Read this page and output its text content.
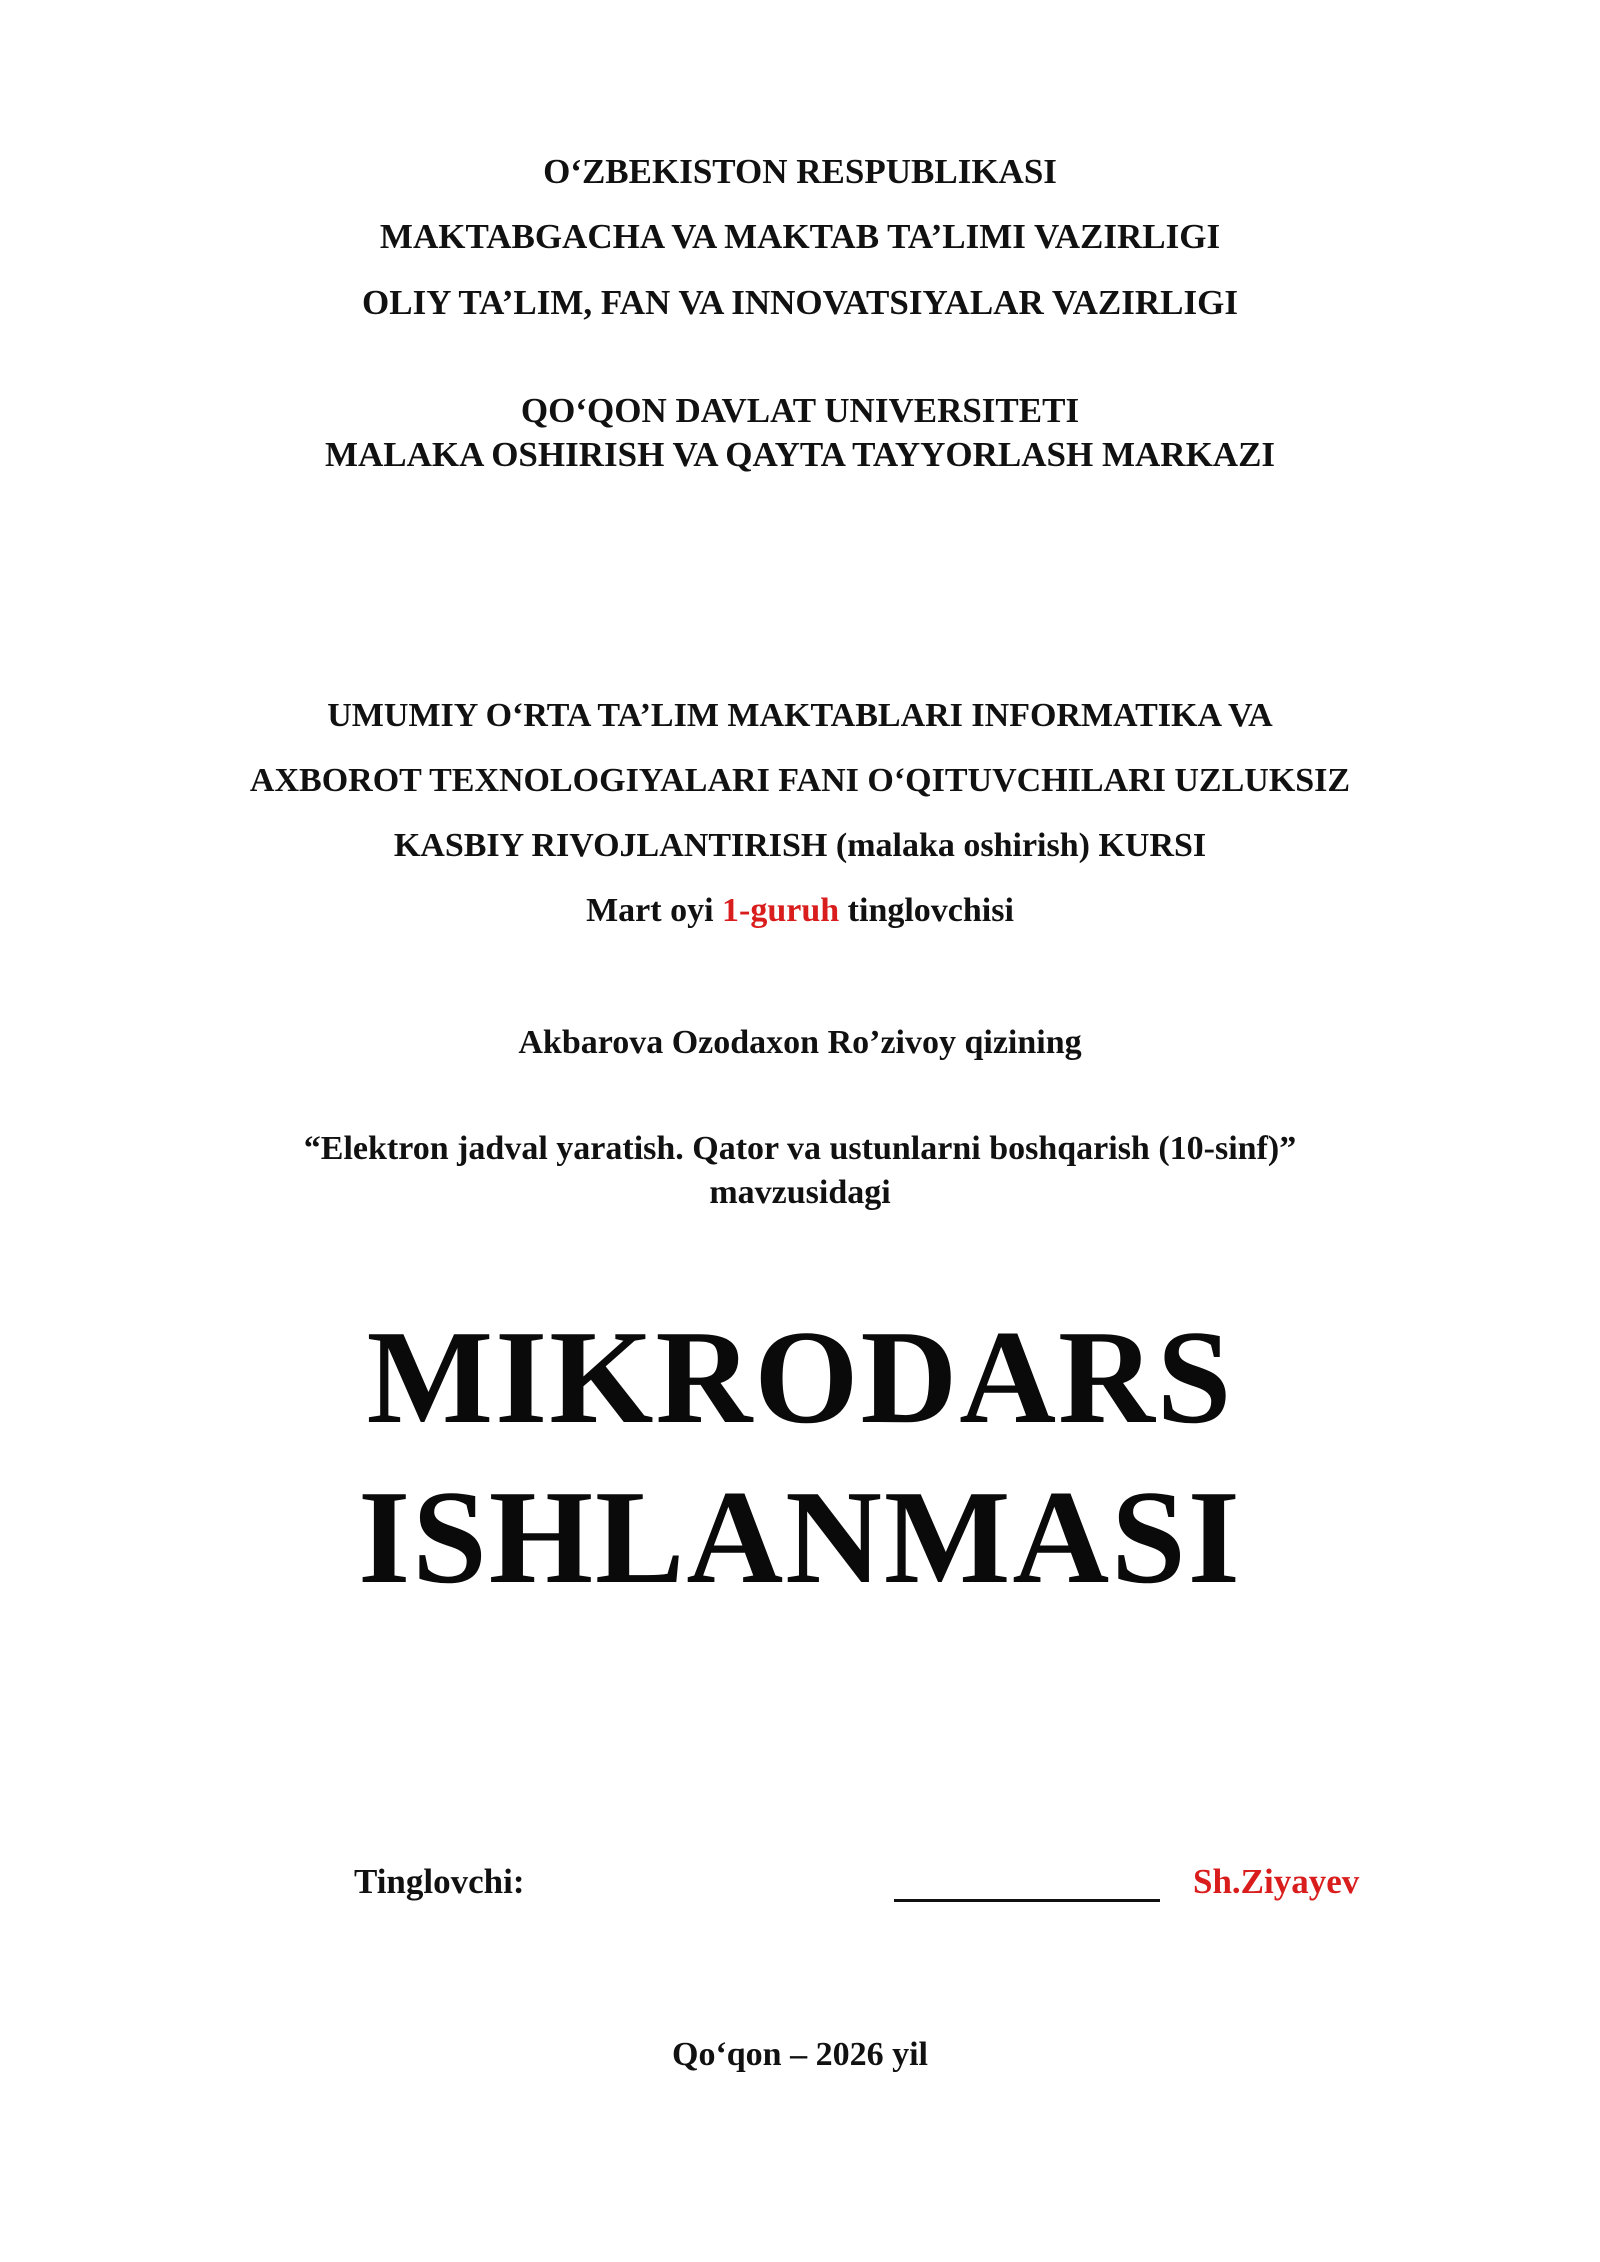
O‘ZBEKISTON RESPUBLIKASI
MAKTABGACHA VA MAKTAB TA’LIMI VAZIRLIGI
OLIY TA’LIM, FAN VA INNOVATSIYALAR VAZIRLIGI
QO‘QON DAVLAT UNIVERSITETI
MALAKA OSHIRISH VA QAYTA TAYYORLASH MARKAZI
UMUMIY O‘RTA TA’LIM MAKTABLARI INFORMATIKA VA
AXBOROT TEXNOLOGIYALARI FANI O‘QITUVCHILARI UZLUKSIZ
KASBIY RIVOJLANTIRISH (malaka oshirish) KURSI
Mart oyi 1-guruh tinglovchisi
Akbarova Ozodaxon Ro’zivoy qizining
“Elektron jadval yaratish. Qator va ustunlarni boshqarish (10-sinf)”
mavzusidagi
MIKRODARS
ISHLANMASI
Tinglovchi:	Sh.Ziyayev
Qo‘qon – 2026 yil
